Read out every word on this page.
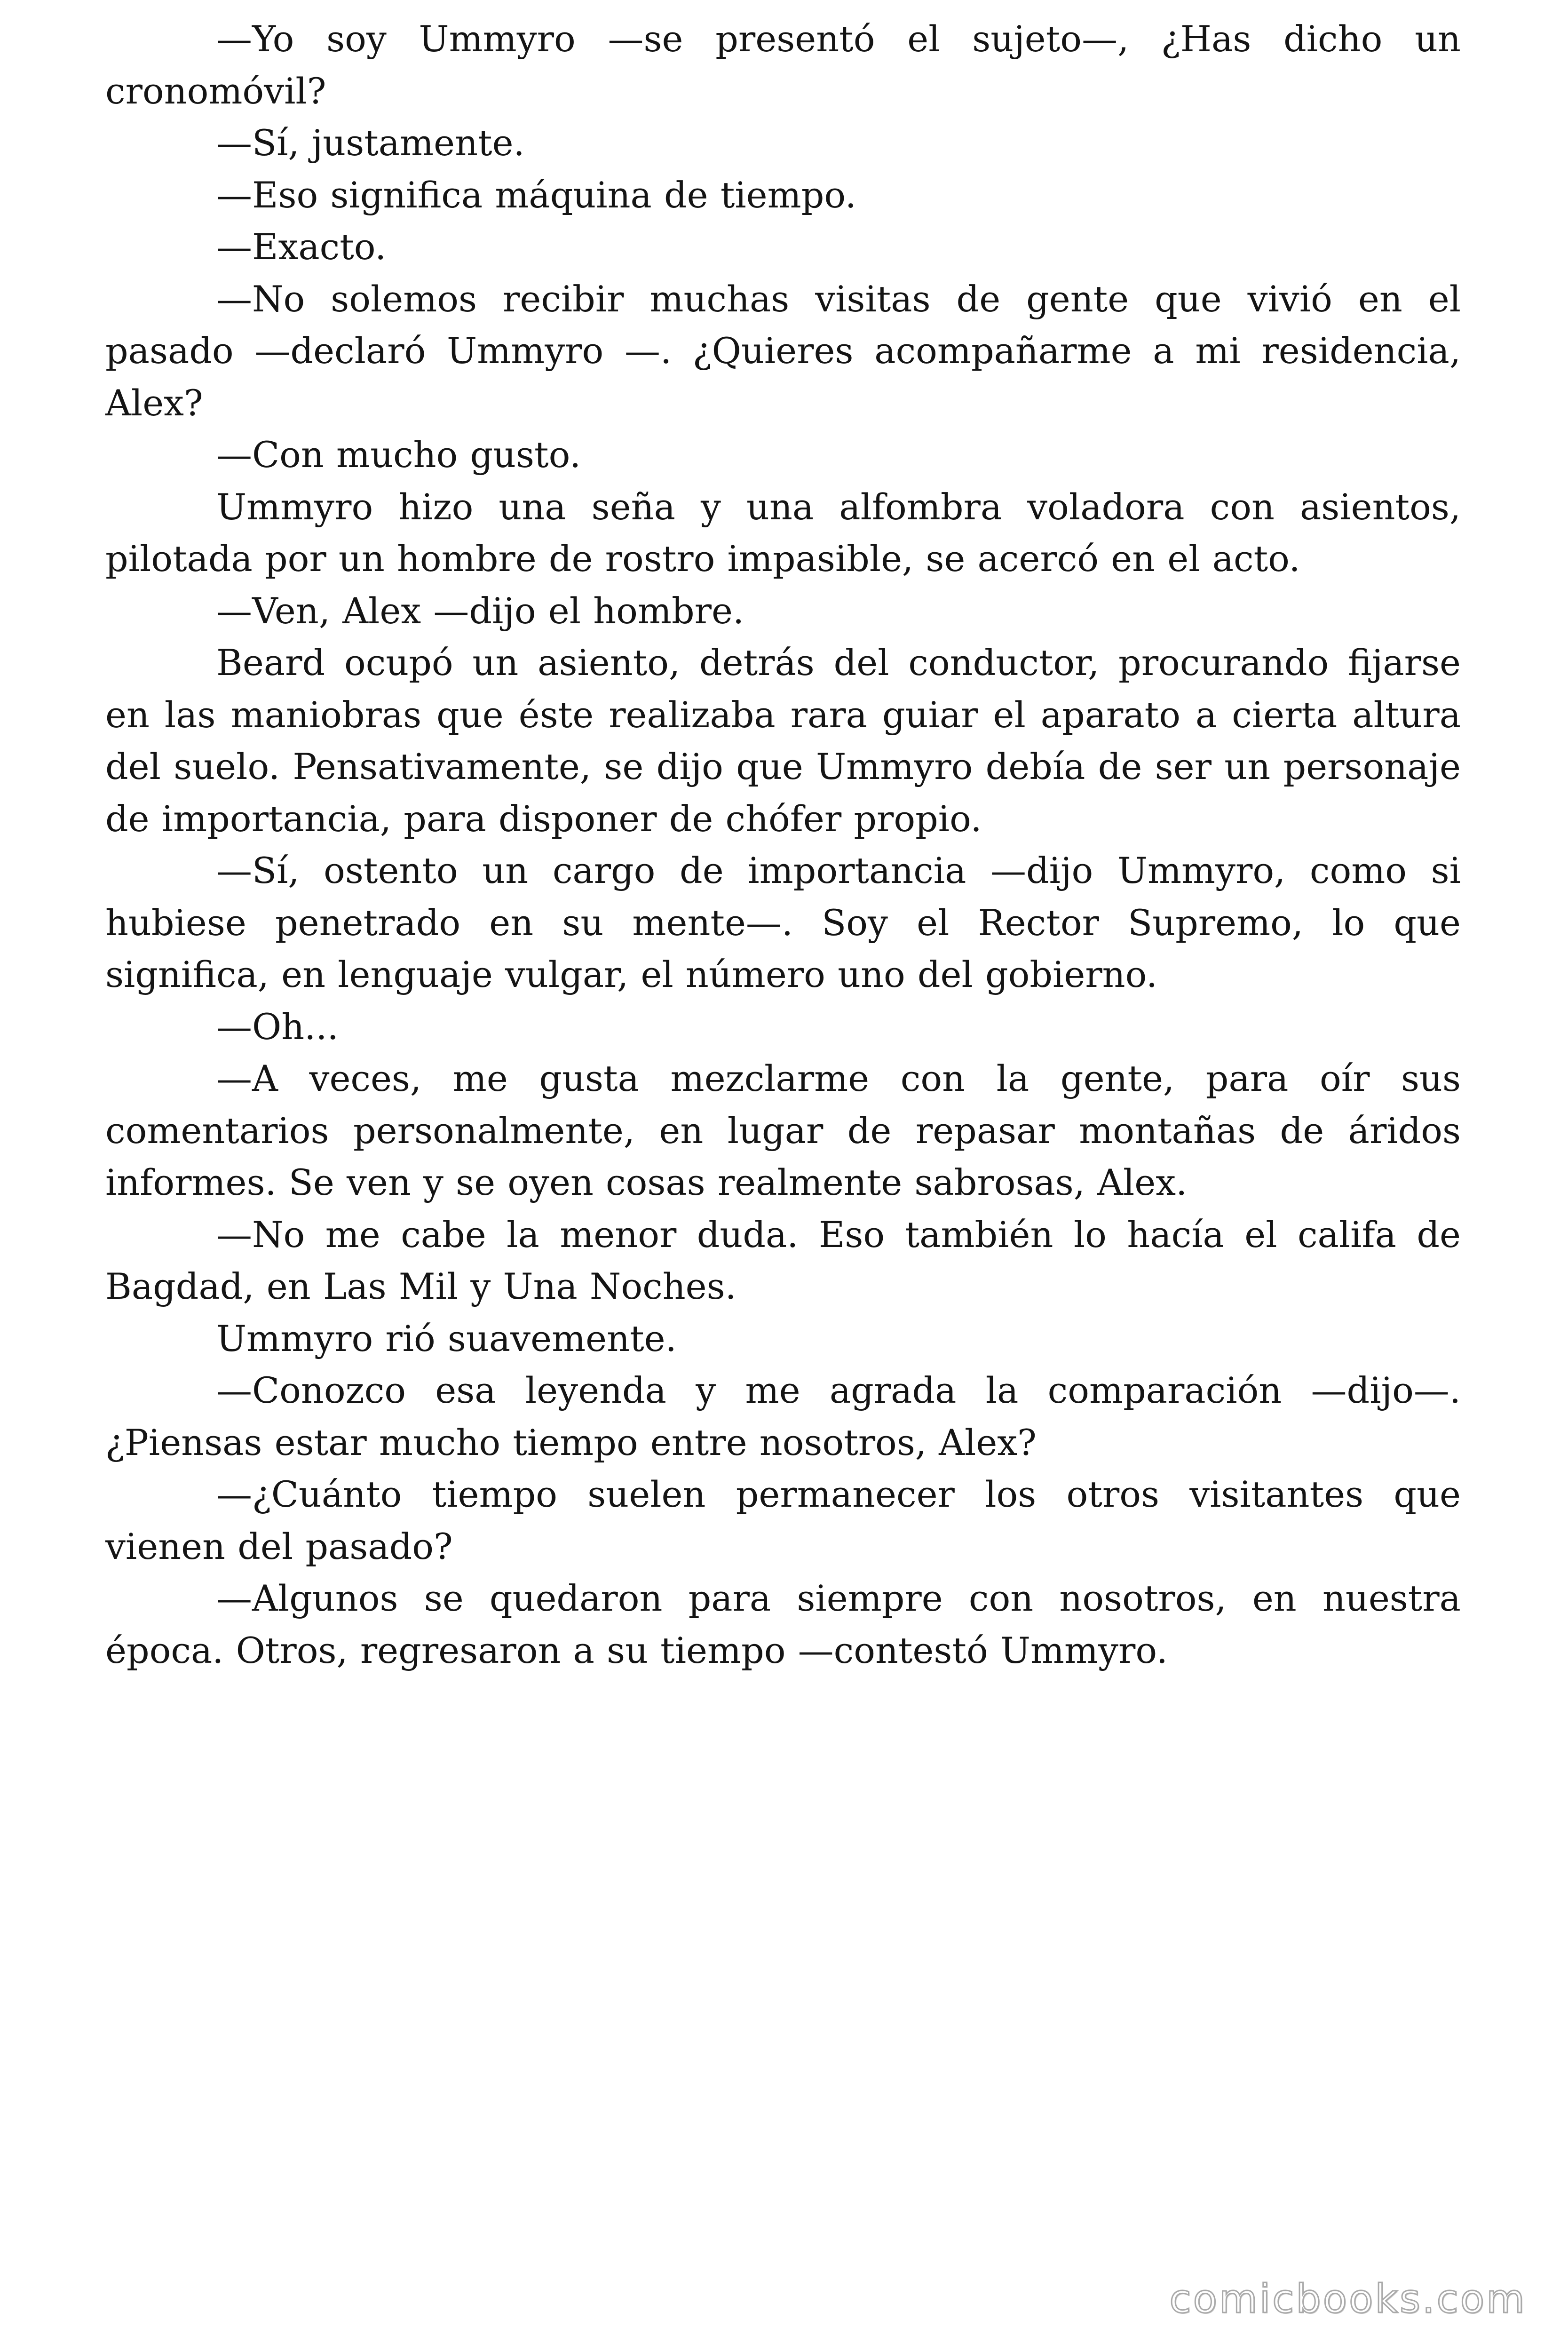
—Yo soy Ummyro —se presentó el sujeto—, ¿Has dicho un cronomóvil?

—Sí, justamente.

—Eso significa máquina de tiempo.

—Exacto.

—No solemos recibir muchas visitas de gente que vivió en el pasado —declaró Ummyro —. ¿Quieres acompañarme a mi residencia, Alex?

—Con mucho gusto.

Ummyro hizo una seña y una alfombra voladora con asientos, pilotada por un hombre de rostro impasible, se acercó en el acto.

—Ven, Alex —dijo el hombre.

Beard ocupó un asiento, detrás del conductor, procurando fijarse en las maniobras que éste realizaba rara guiar el aparato a cierta altura del suelo. Pensativamente, se dijo que Ummyro debía de ser un personaje de importancia, para disponer de chófer propio.

—Sí, ostento un cargo de importancia —dijo Ummyro, como si hubiese penetrado en su mente—. Soy el Rector Supremo, lo que significa, en lenguaje vulgar, el número uno del gobierno.

—Oh...

—A veces, me gusta mezclarme con la gente, para oír sus comentarios personalmente, en lugar de repasar montañas de áridos informes. Se ven y se oyen cosas realmente sabrosas, Alex.

—No me cabe la menor duda. Eso también lo hacía el califa de Bagdad, en Las Mil y Una Noches.

Ummyro rió suavemente.

—Conozco esa leyenda y me agrada la comparación —dijo—. ¿Piensas estar mucho tiempo entre nosotros, Alex?

—¿Cuánto tiempo suelen permanecer los otros visitantes que vienen del pasado?

—Algunos se quedaron para siempre con nosotros, en nuestra época. Otros, regresaron a su tiempo —contestó Ummyro.

comicbooks.com
